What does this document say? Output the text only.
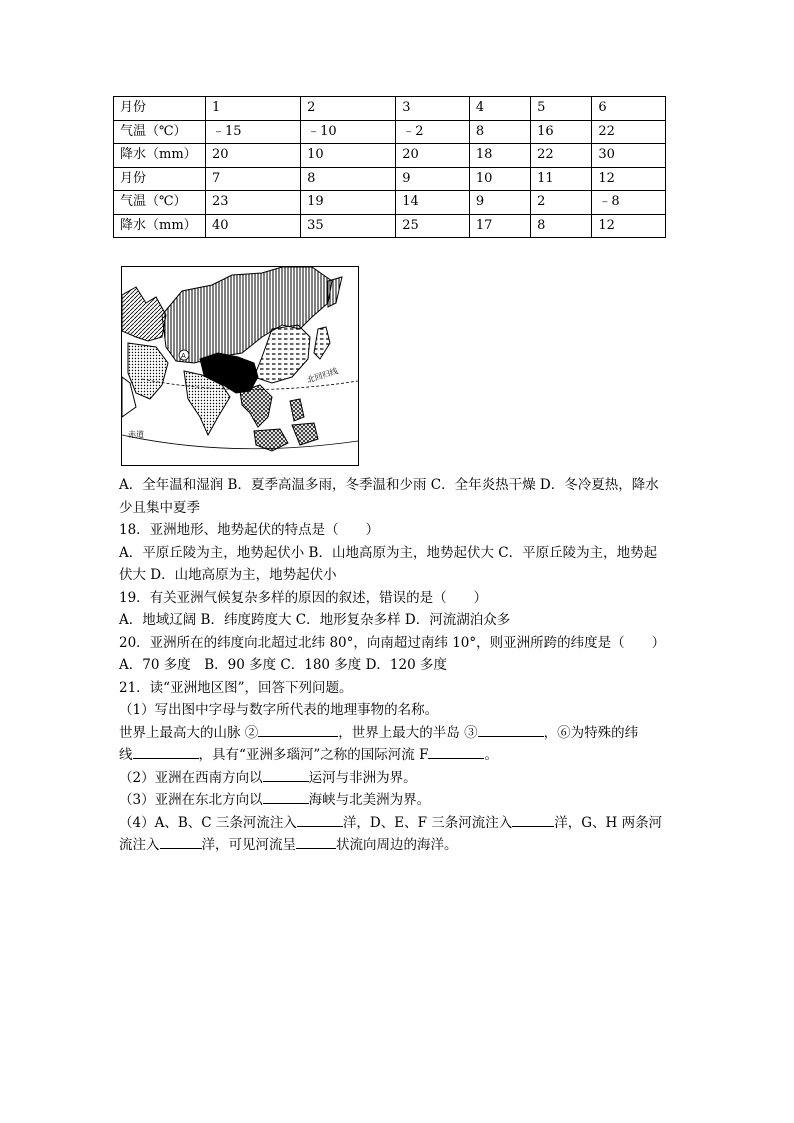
月份	1	2	3	4	5	6
气温（℃）	﹣15	﹣10	﹣2	8	16	22
降水（mm）	20	10	20	18	22	30
月份	7	8	9	10	11	12
气温（℃）	23	19	14	9	2	﹣8
降水（mm）	40	35	25	17	8	12
北回归线
赤道
A
A．全年温和湿润 B．夏季高温多雨，冬季温和少雨 C．全年炎热干燥 D．冬冷夏热，降水
少且集中夏季
18．亚洲地形、地势起伏的特点是（　　）
A．平原丘陵为主，地势起伏小 B．山地高原为主，地势起伏大 C．平原丘陵为主，地势起
伏大 D．山地高原为主，地势起伏小
19．有关亚洲气候复杂多样的原因的叙述，错误的是（　　）
A．地域辽阔 B．纬度跨度大 C．地形复杂多样 D．河流湖泊众多
20．亚洲所在的纬度向北超过北纬 80°，向南超过南纬 10°，则亚洲所跨的纬度是（　　）
A．70 多度　B．90 多度 C．180 多度 D．120 多度
21．读“亚洲地区图”，回答下列问题。
（1）写出图中字母与数字所代表的地理事物的名称。
世界上最高大的山脉 ②	，世界上最大的半岛 ③	，⑥为特殊的纬
线	，具有“亚洲多瑙河”之称的国际河流 F	。
（2）亚洲在西南方向以	运河与非洲为界。
（3）亚洲在东北方向以	海峡与北美洲为界。
（4）A、B、C 三条河流注入	洋，D、E、F 三条河流注入	洋，G、H 两条河
流注入	洋，可见河流呈	状流向周边的海洋。
